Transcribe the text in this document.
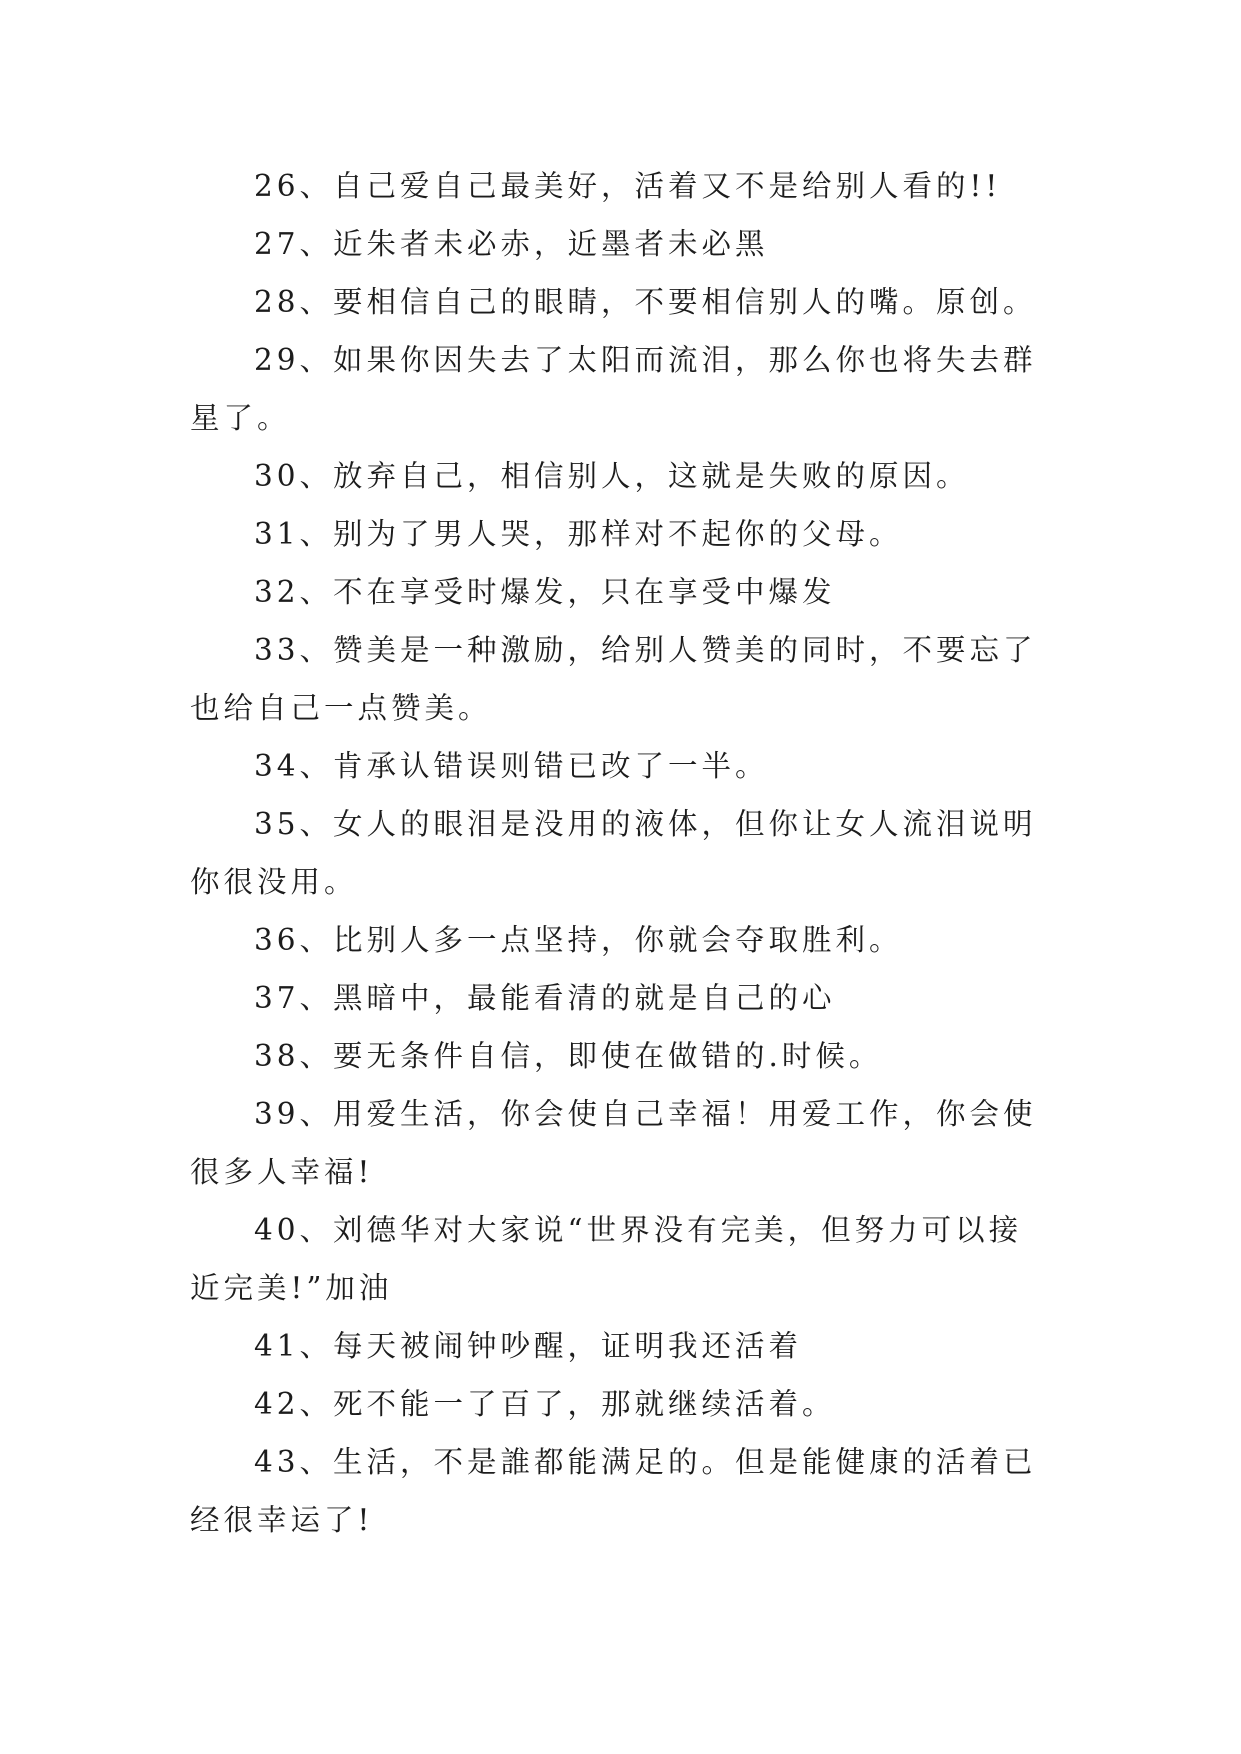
26、自己爱自己最美好，活着又不是给别人看的!!

27、近朱者未必赤，近墨者未必黑

28、要相信自己的眼睛，不要相信别人的嘴。原创。

29、如果你因失去了太阳而流泪，那么你也将失去群星了。

30、放弃自己，相信别人，这就是失败的原因。

31、别为了男人哭，那样对不起你的父母。

32、不在享受时爆发，只在享受中爆发

33、赞美是一种激励，给别人赞美的同时，不要忘了也给自己一点赞美。

34、肯承认错误则错已改了一半。

35、女人的眼泪是没用的液体，但你让女人流泪说明你很没用。

36、比别人多一点坚持，你就会夺取胜利。

37、黑暗中，最能看清的就是自己的心

38、要无条件自信，即使在做错的.时候。

39、用爱生活，你会使自己幸福！用爱工作，你会使很多人幸福!

40、刘德华对大家说“世界没有完美，但努力可以接近完美!”加油

41、每天被闹钟吵醒，证明我还活着

42、死不能一了百了，那就继续活着。

43、生活，不是誰都能满足的。但是能健康的活着已经很幸运了!
